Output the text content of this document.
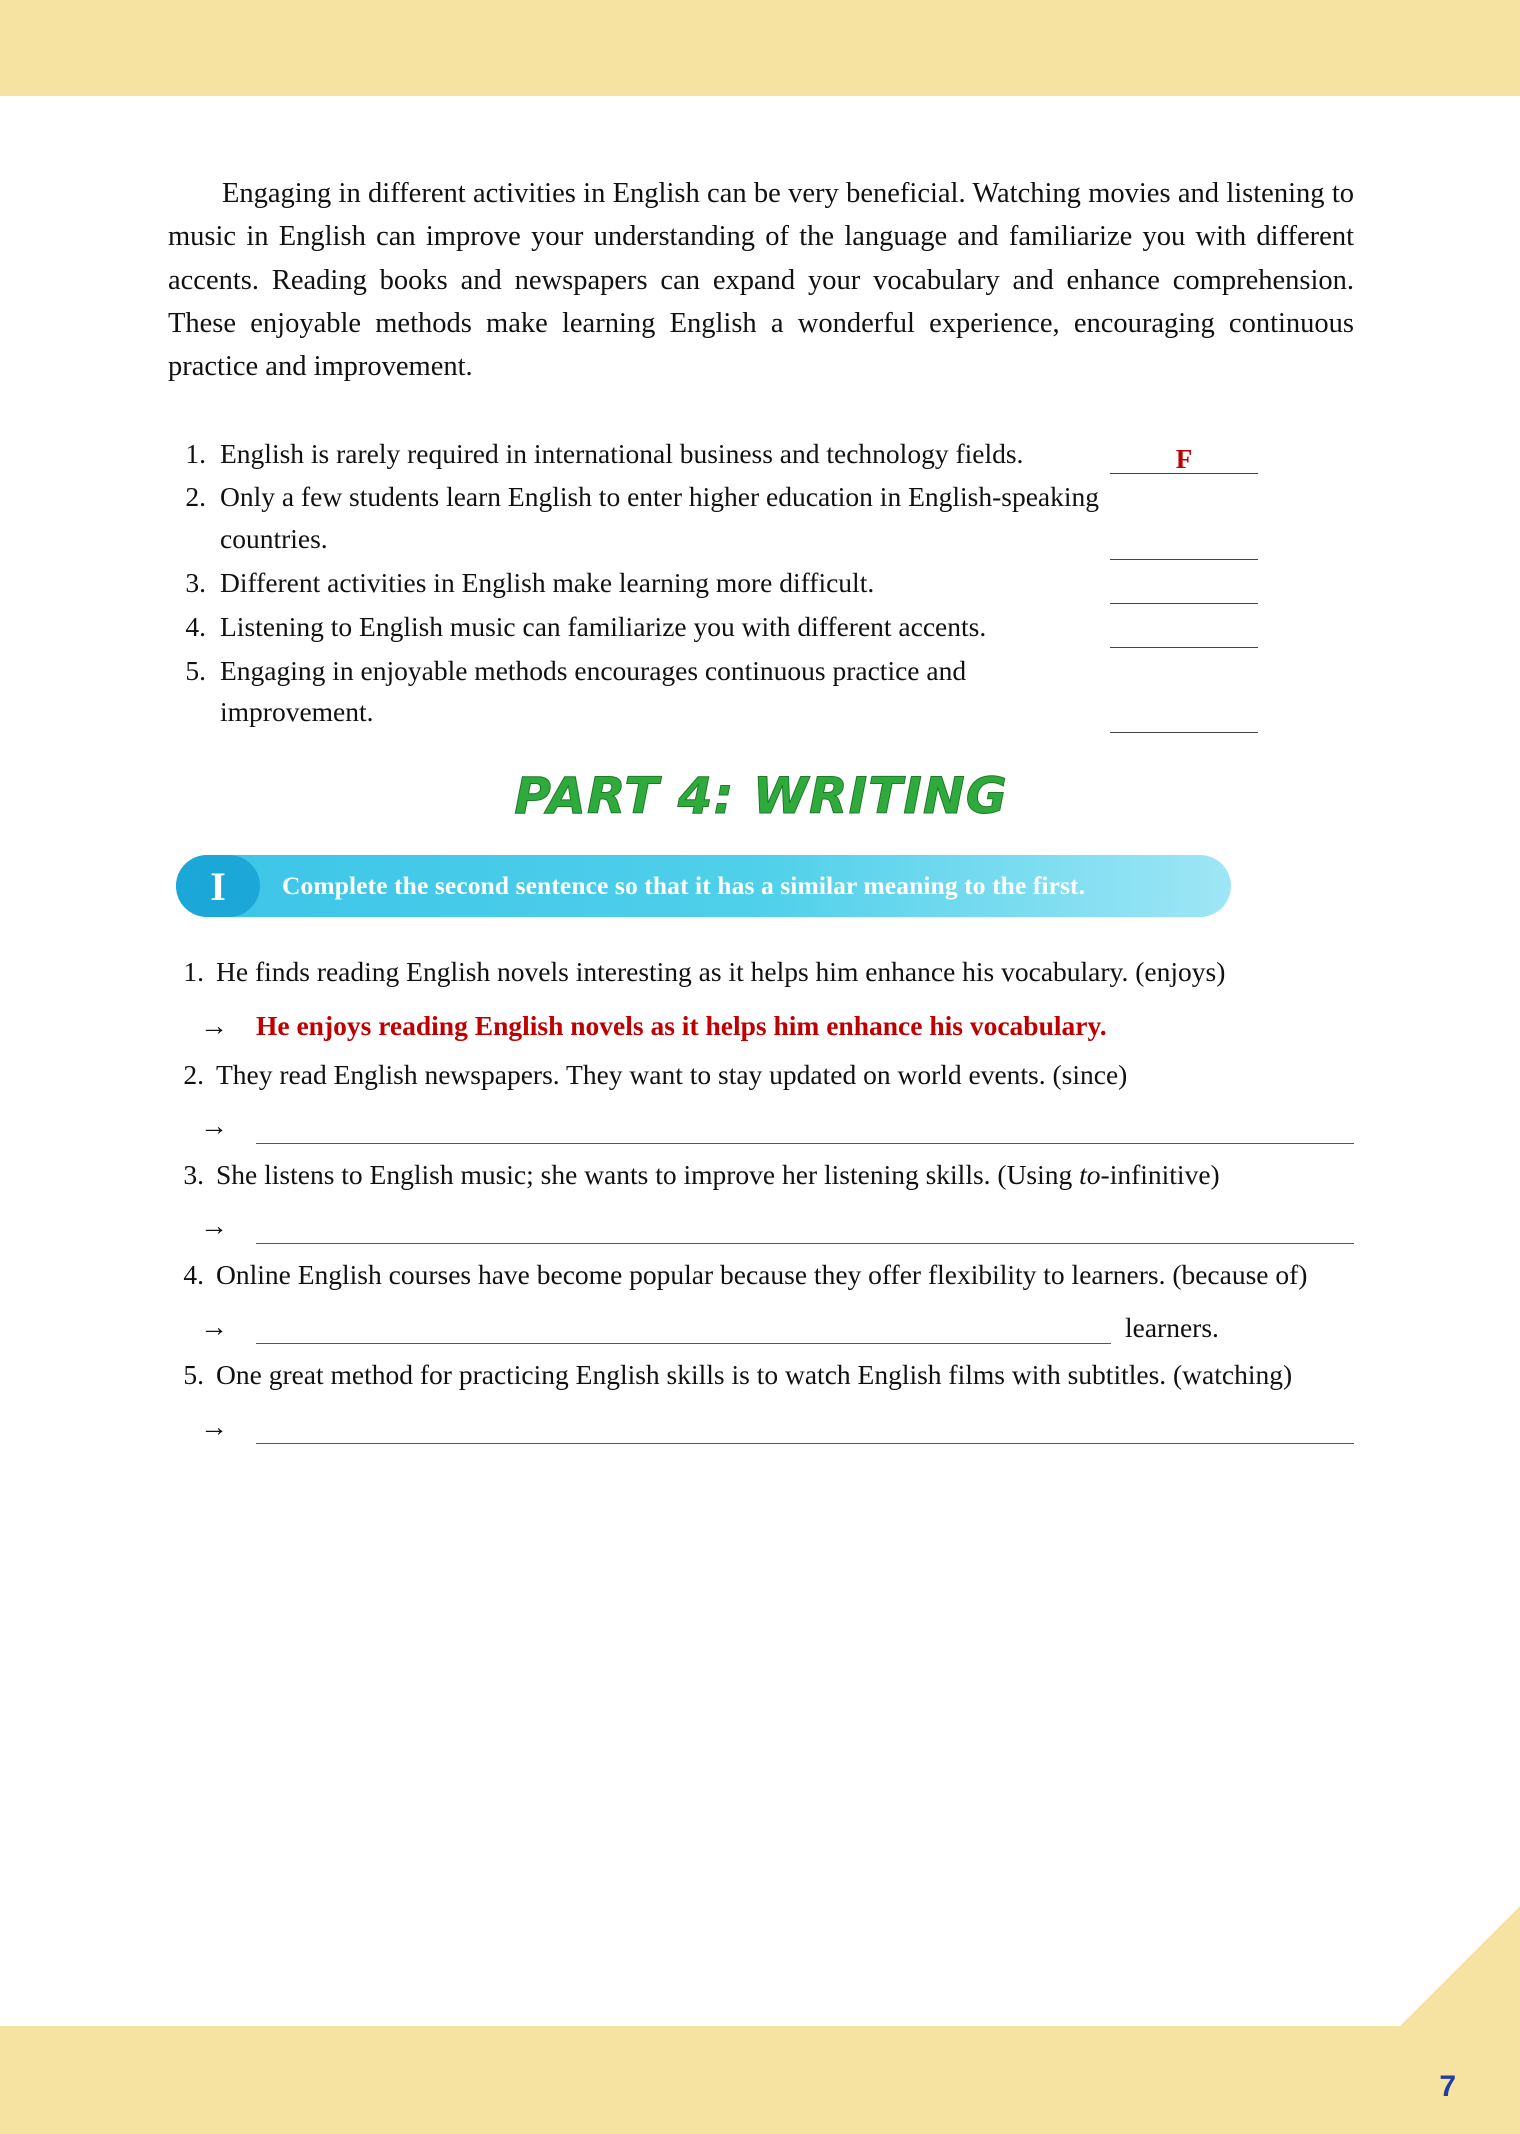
7

Engaging in different activities in English can be very beneficial. Watching movies and listening to music in English can improve your understanding of the language and familiarize you with different accents. Reading books and newspapers can expand your vocabulary and enhance comprehension. These enjoyable methods make learning English a wonderful experience, encouraging continuous practice and improvement.

1. English is rarely required in international business and technology fields.	F
2. Only a few students learn English to enter higher education in English-speaking countries.
3. Different activities in English make learning more difficult.
4. Listening to English music can familiarize you with different accents.
5. Engaging in enjoyable methods encourages continuous practice and improvement.
PART 4: WRITING
I	Complete the second sentence so that it has a similar meaning to the first.
1. He finds reading English novels interesting as it helps him enhance his vocabulary. (enjoys)
→	He enjoys reading English novels as it helps him enhance his vocabulary.
2. They read English newspapers. They want to stay updated on world events. (since)
→
3. She listens to English music; she wants to improve her listening skills. (Using to-infinitive)
→
4. Online English courses have become popular because they offer flexibility to learners. (because of)
→	learners.
5. One great method for practicing English skills is to watch English films with subtitles. (watching)
→
